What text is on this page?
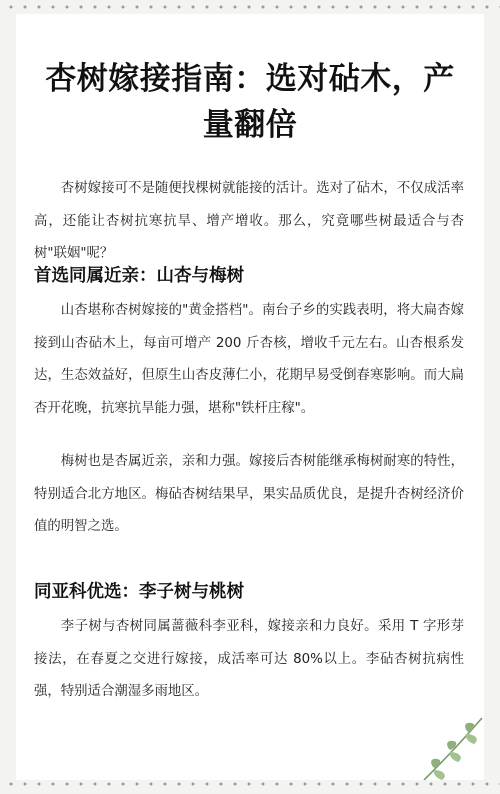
杏树嫁接指南：选对砧木，产量翻倍

杏树嫁接可不是随便找棵树就能接的活计。选对了砧木，不仅成活率高，还能让杏树抗寒抗旱、增产增收。那么，究竟哪些树最适合与杏树"联姻"呢？

首选同属近亲：山杏与梅树

山杏堪称杏树嫁接的"黄金搭档"。南台子乡的实践表明，将大扁杏嫁接到山杏砧木上，每亩可增产 200 斤杏核，增收千元左右。山杏根系发达，生态效益好，但原生山杏皮薄仁小，花期早易受倒春寒影响。而大扁杏开花晚，抗寒抗旱能力强，堪称"铁杆庄稼"。

梅树也是杏属近亲，亲和力强。嫁接后杏树能继承梅树耐寒的特性，特别适合北方地区。梅砧杏树结果早，果实品质优良，是提升杏树经济价值的明智之选。

同亚科优选：李子树与桃树

李子树与杏树同属蔷薇科李亚科，嫁接亲和力良好。采用 T 字形芽接法，在春夏之交进行嫁接，成活率可达 80%以上。李砧杏树抗病性强，特别适合潮湿多雨地区。
